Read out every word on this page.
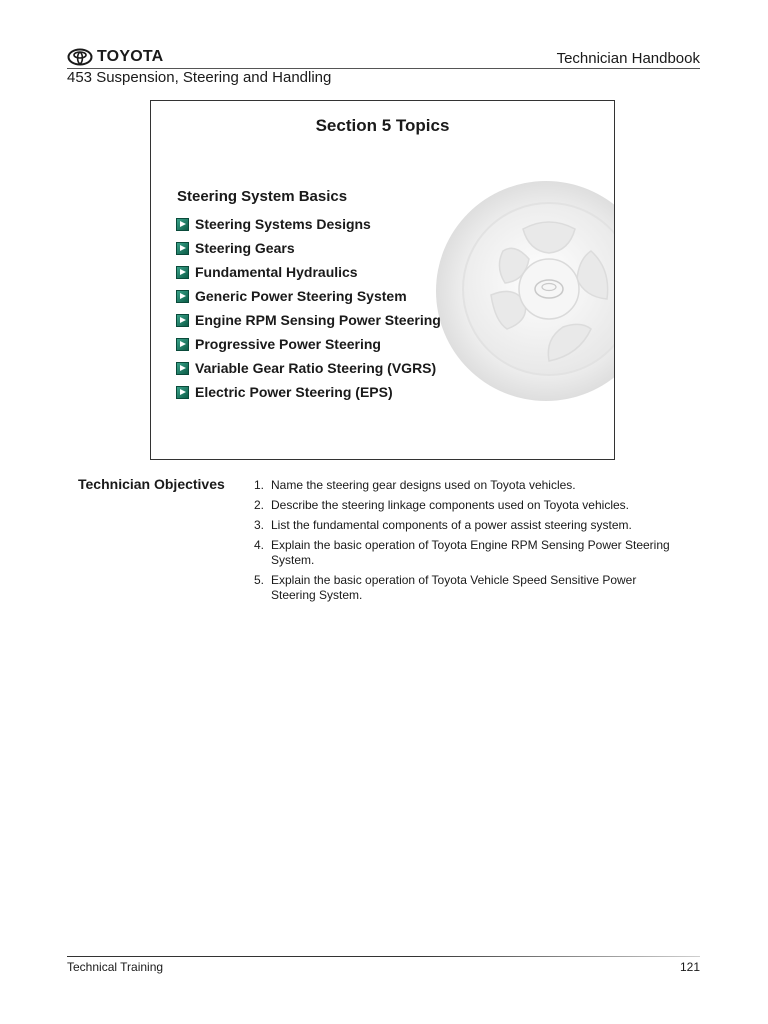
TOYOTA	Technician Handbook
453 Suspension, Steering and Handling
Section 5 Topics
Steering System Basics
Steering Systems Designs
Steering Gears
Fundamental Hydraulics
Generic Power Steering System
Engine RPM Sensing Power Steering
Progressive Power Steering
Variable Gear Ratio Steering (VGRS)
Electric Power Steering (EPS)
Technician Objectives 1. Name the steering gear designs used on Toyota vehicles.
2. Describe the steering linkage components used on Toyota vehicles.
3. List the fundamental components of a power assist steering system.
4. Explain the basic operation of Toyota Engine RPM Sensing Power Steering System.
5. Explain the basic operation of Toyota Vehicle Speed Sensitive Power Steering System.
Technical Training	121
